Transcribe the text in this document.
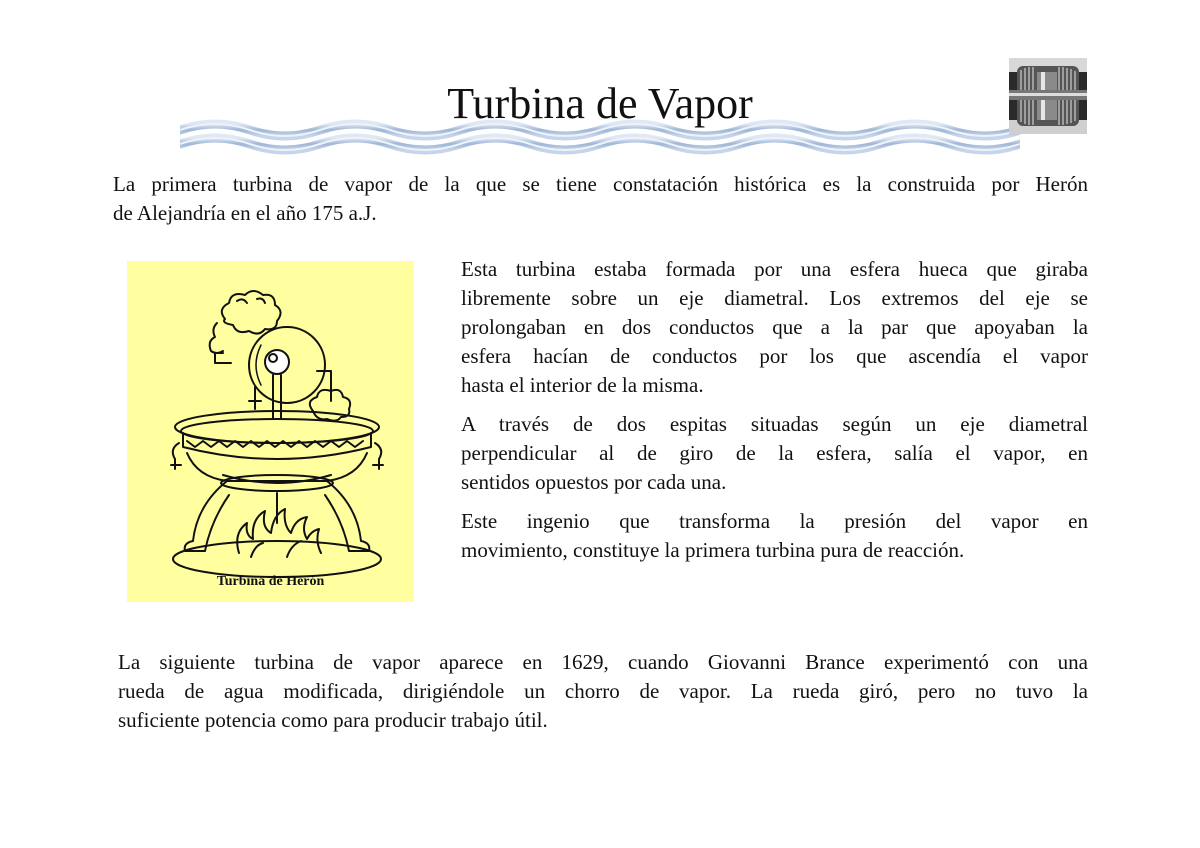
Turbina de Vapor
La primera turbina de vapor de la que se tiene constatación histórica es la construida por Herón
de Alejandría en el año 175 a.J.
Turbina de Herón
Esta turbina estaba formada por una esfera hueca que giraba
libremente sobre un eje diametral. Los extremos del eje se
prolongaban en dos conductos que a la par que apoyaban la
esfera hacían de conductos por los que ascendía el vapor
hasta el interior de la misma.
A través de dos espitas situadas según un eje diametral
perpendicular al de giro de la esfera, salía el vapor, en
sentidos opuestos por cada una.
Este ingenio que transforma la presión del vapor en
movimiento, constituye la primera turbina pura de reacción.
La siguiente turbina de vapor aparece en 1629, cuando Giovanni Brance experimentó con una
rueda de agua modificada, dirigiéndole un chorro de vapor. La rueda giró, pero no tuvo la
suficiente potencia como para producir trabajo útil.
